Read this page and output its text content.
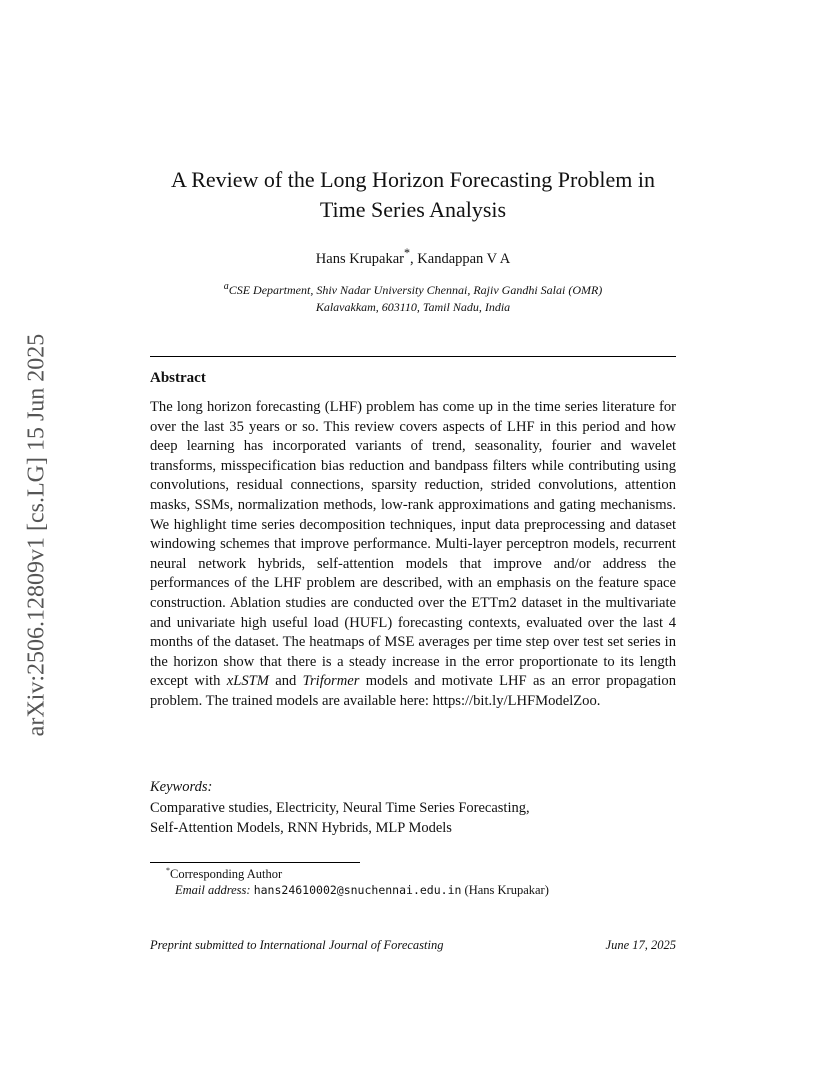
arXiv:2506.12809v1 [cs.LG] 15 Jun 2025
A Review of the Long Horizon Forecasting Problem in
Time Series Analysis
Hans Krupakar*, Kandappan V A
$^a$CSE Department, Shiv Nadar University Chennai, Rajiv Gandhi Salai (OMR)
Kalavakkam, 603110, Tamil Nadu, India
Abstract
The long horizon forecasting (LHF) problem has come up in the time series literature for over the last 35 years or so. This review covers aspects of LHF in this period and how deep learning has incorporated variants of trend, seasonality, fourier and wavelet transforms, misspecification bias reduction and bandpass filters while contributing using convolutions, residual connections, sparsity reduction, strided convolutions, attention masks, SSMs, normalization methods, low-rank approximations and gating mechanisms. We highlight time series decomposition techniques, input data preprocessing and dataset windowing schemes that improve performance. Multi-layer perceptron models, recurrent neural network hybrids, self-attention models that improve and/or address the performances of the LHF problem are described, with an emphasis on the feature space construction. Ablation studies are conducted over the ETTm2 dataset in the multivariate and univariate high useful load (HUFL) forecasting contexts, evaluated over the last 4 months of the dataset. The heatmaps of MSE averages per time step over test set series in the horizon show that there is a steady increase in the error proportionate to its length except with xLSTM and Triformer models and motivate LHF as an error propagation problem. The trained models are available here: https://bit.ly/LHFModelZoo.
Keywords:
Comparative studies, Electricity, Neural Time Series Forecasting,
Self-Attention Models, RNN Hybrids, MLP Models
*Corresponding Author
Email address: hans24610002@snuchennai.edu.in (Hans Krupakar)
Preprint submitted to International Journal of Forecasting	June 17, 2025
